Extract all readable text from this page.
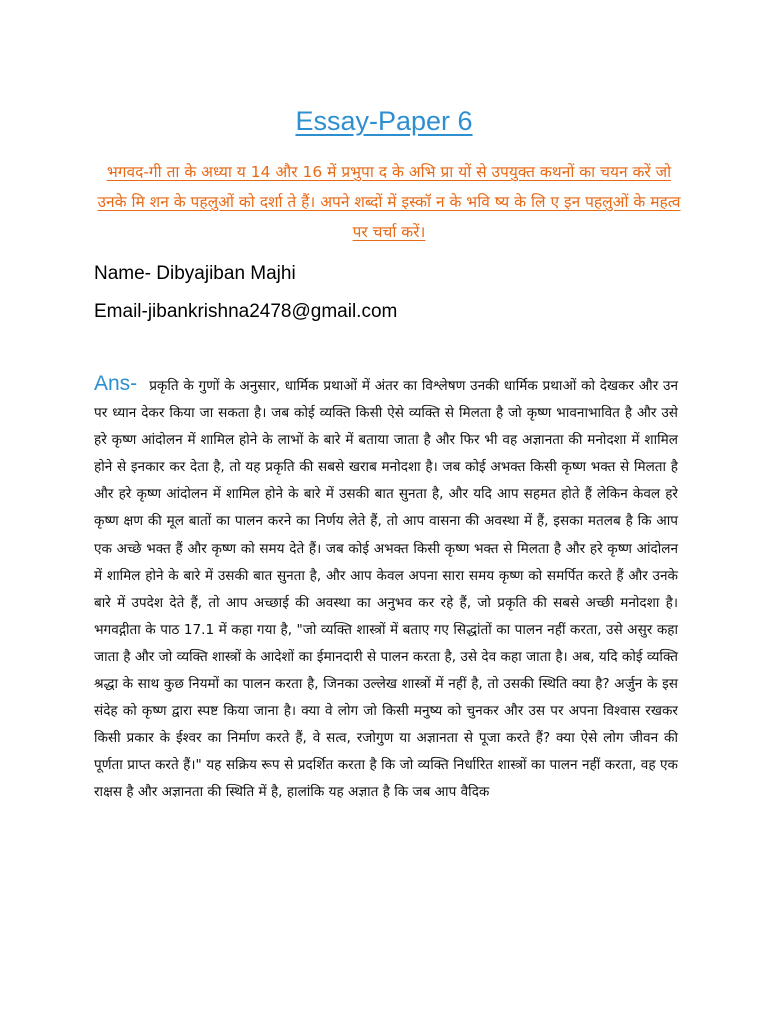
Essay-Paper 6
भगवद-गी ता के अध्या य 14 और 16 में प्रभुपा द के अभि प्रा यों से उपयुक्त कथनों का चयन करें जो उनके मि शन के पहलुओं को दर्शा ते हैं। अपने शब्दों में इस्कॉ न के भवि ष्य के लि ए इन पहलुओं के महत्व पर चर्चा करें।

Name- Dibyajiban Majhi

Email-jibankrishna2478@gmail.com

Ans- प्रकृति के गुणों के अनुसार, धार्मिक प्रथाओं में अंतर का विश्लेषण उनकी धार्मिक प्रथाओं को देखकर और उन पर ध्यान देकर किया जा सकता है। जब कोई व्यक्ति किसी ऐसे व्यक्ति से मिलता है जो कृष्ण भावनाभावित है और उसे हरे कृष्ण आंदोलन में शामिल होने के लाभों के बारे में बताया जाता है और फिर भी वह अज्ञानता की मनोदशा में शामिल होने से इनकार कर देता है, तो यह प्रकृति की सबसे खराब मनोदशा है। जब कोई अभक्त किसी कृष्ण भक्त से मिलता है और हरे कृष्ण आंदोलन में शामिल होने के बारे में उसकी बात सुनता है, और यदि आप सहमत होते हैं लेकिन केवल हरे कृष्ण क्षण की मूल बातों का पालन करने का निर्णय लेते हैं, तो आप वासना की अवस्था में हैं, इसका मतलब है कि आप एक अच्छे भक्त हैं और कृष्ण को समय देते हैं। जब कोई अभक्त किसी कृष्ण भक्त से मिलता है और हरे कृष्ण आंदोलन में शामिल होने के बारे में उसकी बात सुनता है, और आप केवल अपना सारा समय कृष्ण को समर्पित करते हैं और उनके बारे में उपदेश देते हैं, तो आप अच्छाई की अवस्था का अनुभव कर रहे हैं, जो प्रकृति की सबसे अच्छी मनोदशा है। भगवद्गीता के पाठ 17.1 में कहा गया है, "जो व्यक्ति शास्त्रों में बताए गए सिद्धांतों का पालन नहीं करता, उसे असुर कहा जाता है और जो व्यक्ति शास्त्रों के आदेशों का ईमानदारी से पालन करता है, उसे देव कहा जाता है। अब, यदि कोई व्यक्ति श्रद्धा के साथ कुछ नियमों का पालन करता है, जिनका उल्लेख शास्त्रों में नहीं है, तो उसकी स्थिति क्या है? अर्जुन के इस संदेह को कृष्ण द्वारा स्पष्ट किया जाना है। क्या वे लोग जो किसी मनुष्य को चुनकर और उस पर अपना विश्वास रखकर किसी प्रकार के ईश्वर का निर्माण करते हैं, वे सत्व, रजोगुण या अज्ञानता से पूजा करते हैं? क्या ऐसे लोग जीवन की पूर्णता प्राप्त करते हैं।" यह सक्रिय रूप से प्रदर्शित करता है कि जो व्यक्ति निर्धारित शास्त्रों का पालन नहीं करता, वह एक राक्षस है और अज्ञानता की स्थिति में है, हालांकि यह अज्ञात है कि जब आप वैदिक
